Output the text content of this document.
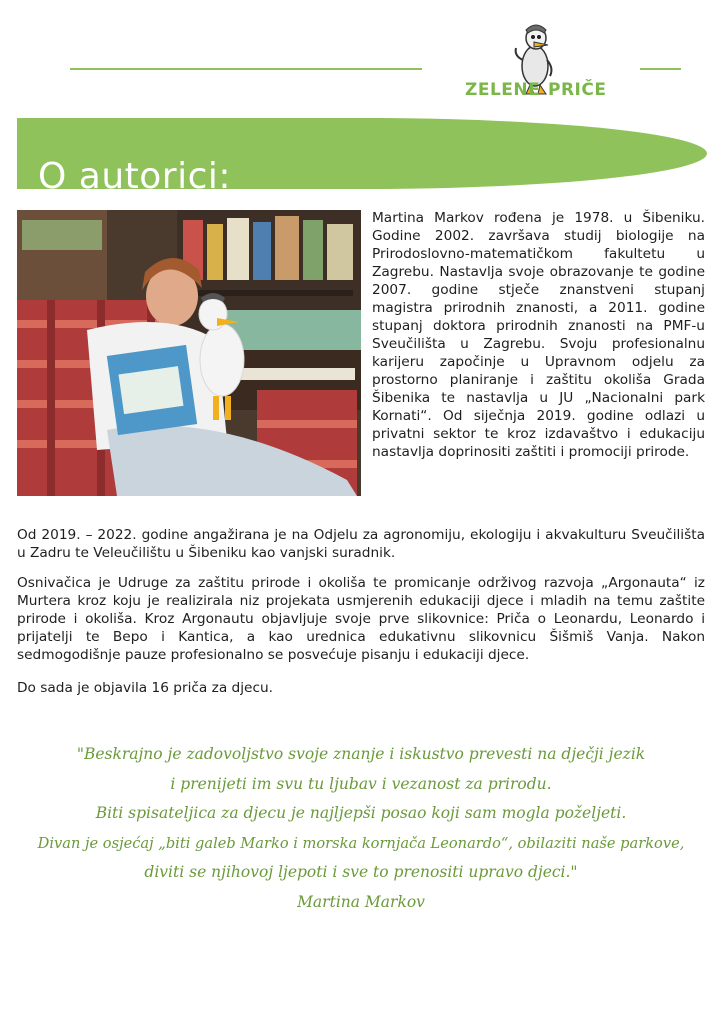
ZELENE PRIČE
O autorici:

Martina Markov rođena je 1978. u Šibeniku. Godine 2002. završava studij biologije na Prirodoslovno-matematičkom fakultetu u Zagrebu. Nastavlja svoje obrazovanje te godine 2007. godine stječe znanstveni stupanj magistra prirodnih znanosti, a 2011. godine stupanj doktora prirodnih znanosti na PMF-u Sveučilišta u Zagrebu. Svoju profesionalnu karijeru započinje u Upravnom odjelu za prostorno planiranje i zaštitu okoliša Grada Šibenika te nastavlja u JU „Nacionalni park Kornati“. Od siječnja 2019. godine odlazi u privatni sektor te kroz izdavaštvo i edukaciju nastavlja doprinositi zaštiti i promociji prirode.

Od 2019. – 2022. godine angažirana je na Odjelu za agronomiju, ekologiju i akvakulturu Sveučilišta u Zadru te Veleučilištu u Šibeniku kao vanjski suradnik.

Osnivačica je Udruge za zaštitu prirode i okoliša te promicanje održivog razvoja „Argonauta“ iz Murtera kroz koju je realizirala niz projekata usmjerenih edukaciji djece i mladih na temu zaštite prirode i okoliša. Kroz Argonautu objavljuje svoje prve slikovnice: Priča o Leonardu, Leonardo i prijatelji te Bepo i Kantica, a kao urednica edukativnu slikovnicu Šišmiš Vanja. Nakon sedmogodišnje pauze profesionalno se posvećuje pisanju i edukaciji djece.

Do sada je objavila 16 priča za djecu.

"Beskrajno je zadovoljstvo svoje znanje i iskustvo prevesti na dječji jezik
i prenijeti im svu tu ljubav i vezanost za prirodu.
Biti spisateljica za djecu je najljepši posao koji sam mogla poželjeti.
Divan je osjećaj „biti galeb Marko i morska kornjača Leonardo“, obilaziti naše parkove,
diviti se njihovoj ljepoti i sve to prenositi upravo djeci."
Martina Markov
